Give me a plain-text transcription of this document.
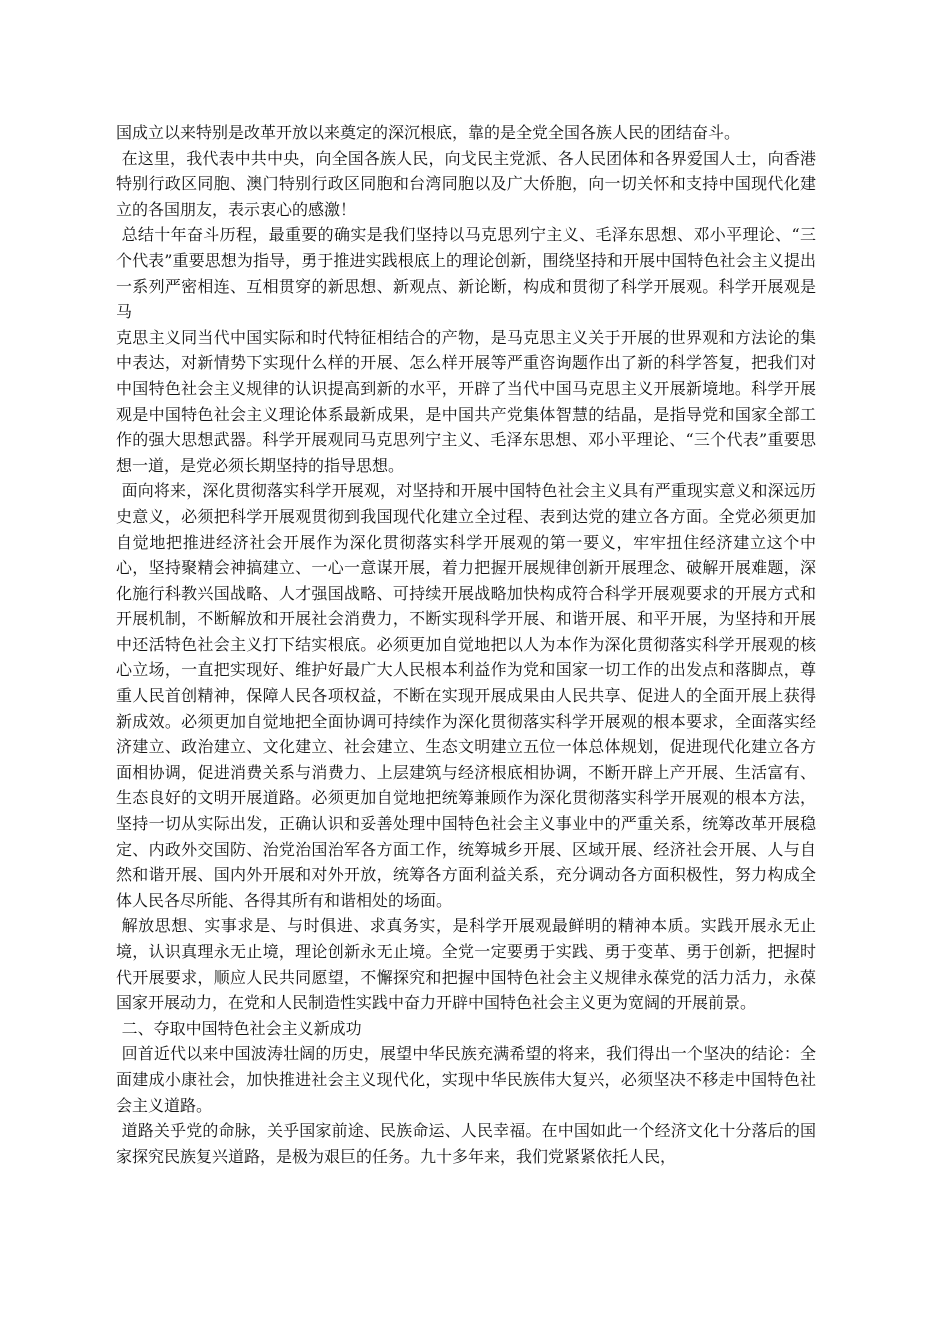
国成立以来特别是改革开放以来奠定的深沉根底，靠的是全党全国各族人民的团结奋斗。

在这里，我代表中共中央，向全国各族人民，向戈民主党派、各人民团体和各界爱国人士，向香港特别行政区同胞、澳门特别行政区同胞和台湾同胞以及广大侨胞，向一切关怀和支持中国现代化建立的各国朋友，表示衷心的感激！

总结十年奋斗历程，最重要的确实是我们坚持以马克思列宁主义、毛泽东思想、邓小平理论、“三个代表”重要思想为指导，勇于推进实践根底上的理论创新，围绕坚持和开展中国特色社会主义提出一系列严密相连、互相贯穿的新思想、新观点、新论断，构成和贯彻了科学开展观。科学开展观是马

克思主义同当代中国实际和时代特征相结合的产物，是马克思主义关于开展的世界观和方法论的集中表达，对新情势下实现什么样的开展、怎么样开展等严重咨询题作出了新的科学答复，把我们对中国特色社会主义规律的认识提高到新的水平，开辟了当代中国马克思主义开展新境地。科学开展观是中国特色社会主义理论体系最新成果，是中国共产党集体智慧的结晶，是指导党和国家全部工作的强大思想武器。科学开展观同马克思列宁主义、毛泽东思想、邓小平理论、“三个代表”重要思想一道，是党必须长期坚持的指导思想。

面向将来，深化贯彻落实科学开展观，对坚持和开展中国特色社会主义具有严重现实意义和深远历史意义，必须把科学开展观贯彻到我国现代化建立全过程、表到达党的建立各方面。全党必须更加自觉地把推进经济社会开展作为深化贯彻落实科学开展观的第一要义，牢牢扭住经济建立这个中心，坚持聚精会神搞建立、一心一意谋开展，着力把握开展规律创新开展理念、破解开展难题，深化施行科教兴国战略、人才强国战略、可持续开展战略加快构成符合科学开展观要求的开展方式和开展机制，不断解放和开展社会消费力，不断实现科学开展、和谐开展、和平开展，为坚持和开展中还活特色社会主义打下结实根底。必须更加自觉地把以人为本作为深化贯彻落实科学开展观的核心立场，一直把实现好、维护好最广大人民根本利益作为党和国家一切工作的出发点和落脚点，尊重人民首创精神，保障人民各项权益，不断在实现开展成果由人民共享、促进人的全面开展上获得新成效。必须更加自觉地把全面协调可持续作为深化贯彻落实科学开展观的根本要求，全面落实经济建立、政治建立、文化建立、社会建立、生态文明建立五位一体总体规划，促进现代化建立各方面相协调，促进消费关系与消费力、上层建筑与经济根底相协调，不断开辟上产开展、生活富有、生态良好的文明开展道路。必须更加自觉地把统筹兼顾作为深化贯彻落实科学开展观的根本方法，坚持一切从实际出发，正确认识和妥善处理中国特色社会主义事业中的严重关系，统筹改革开展稳定、内政外交国防、治党治国治军各方面工作，统筹城乡开展、区域开展、经济社会开展、人与自然和谐开展、国内外开展和对外开放，统筹各方面利益关系，充分调动各方面积极性，努力构成全体人民各尽所能、各得其所有和谐相处的场面。

解放思想、实事求是、与时俱进、求真务实，是科学开展观最鲜明的精神本质。实践开展永无止境，认识真理永无止境，理论创新永无止境。全党一定要勇于实践、勇于变革、勇于创新，把握时代开展要求，顺应人民共同愿望，不懈探究和把握中国特色社会主义规律永葆党的活力活力，永葆国家开展动力，在党和人民制造性实践中奋力开辟中国特色社会主义更为宽阔的开展前景。

二、夺取中国特色社会主义新成功

回首近代以来中国波涛壮阔的历史，展望中华民族充满希望的将来，我们得出一个坚决的结论：全面建成小康社会，加快推进社会主义现代化，实现中华民族伟大复兴，必须坚决不移走中国特色社会主义道路。

道路关乎党的命脉，关乎国家前途、民族命运、人民幸福。在中国如此一个经济文化十分落后的国家探究民族复兴道路，是极为艰巨的任务。九十多年来，我们党紧紧依托人民，
